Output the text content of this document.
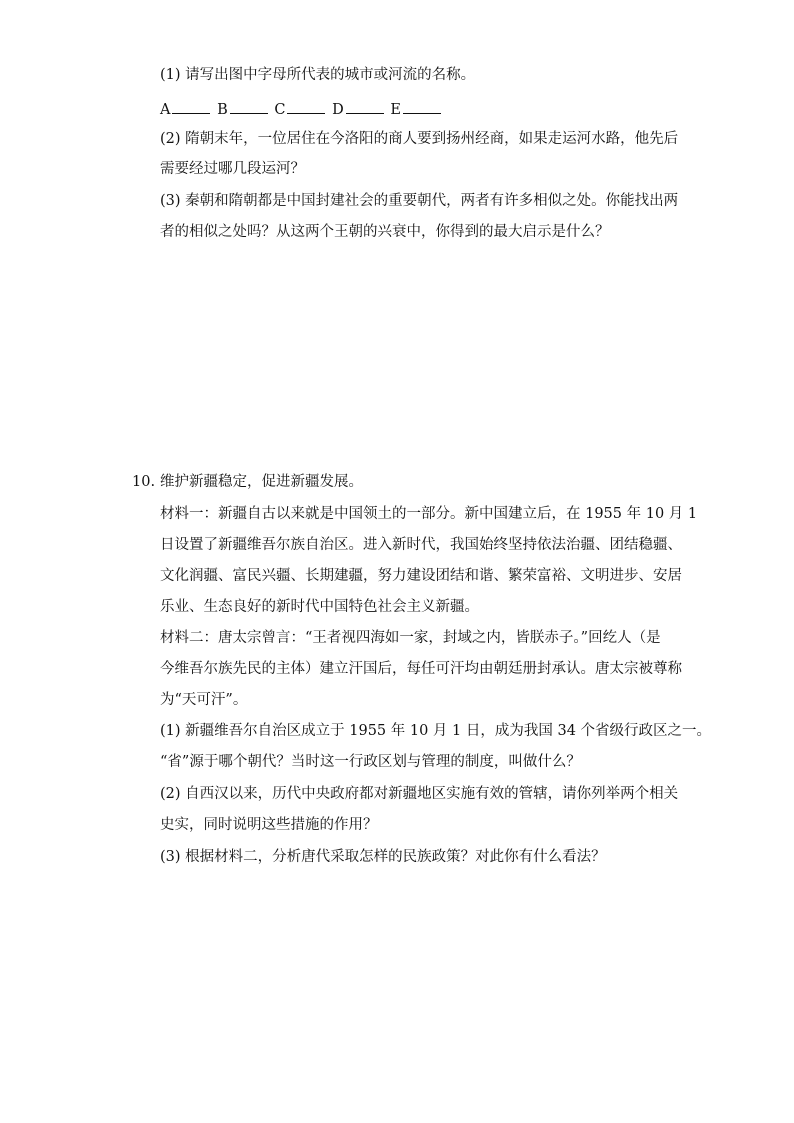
(1) 请写出图中字母所代表的城市或河流的名称。
A	B	C	D	E
(2) 隋朝末年，一位居住在今洛阳的商人要到扬州经商，如果走运河水路，他先后
需要经过哪几段运河？
(3) 秦朝和隋朝都是中国封建社会的重要朝代，两者有许多相似之处。你能找出两
者的相似之处吗？从这两个王朝的兴衰中，你得到的最大启示是什么？
10. 维护新疆稳定，促进新疆发展。
材料一：新疆自古以来就是中国领土的一部分。新中国建立后，在 1955 年 10 月 1
日设置了新疆维吾尔族自治区。进入新时代，我国始终坚持依法治疆、团结稳疆、
文化润疆、富民兴疆、长期建疆，努力建设团结和谐、繁荣富裕、文明进步、安居
乐业、生态良好的新时代中国特色社会主义新疆。
材料二：唐太宗曾言：“王者视四海如一家，封域之内，皆朕赤子。”回纥人（是
今维吾尔族先民的主体）建立汗国后，每任可汗均由朝廷册封承认。唐太宗被尊称
为“天可汗”。
(1) 新疆维吾尔自治区成立于 1955 年 10 月 1 日，成为我国 34 个省级行政区之一。
“省”源于哪个朝代？当时这一行政区划与管理的制度，叫做什么？
(2) 自西汉以来，历代中央政府都对新疆地区实施有效的管辖，请你列举两个相关
史实，同时说明这些措施的作用？
(3) 根据材料二，分析唐代采取怎样的民族政策？对此你有什么看法？
